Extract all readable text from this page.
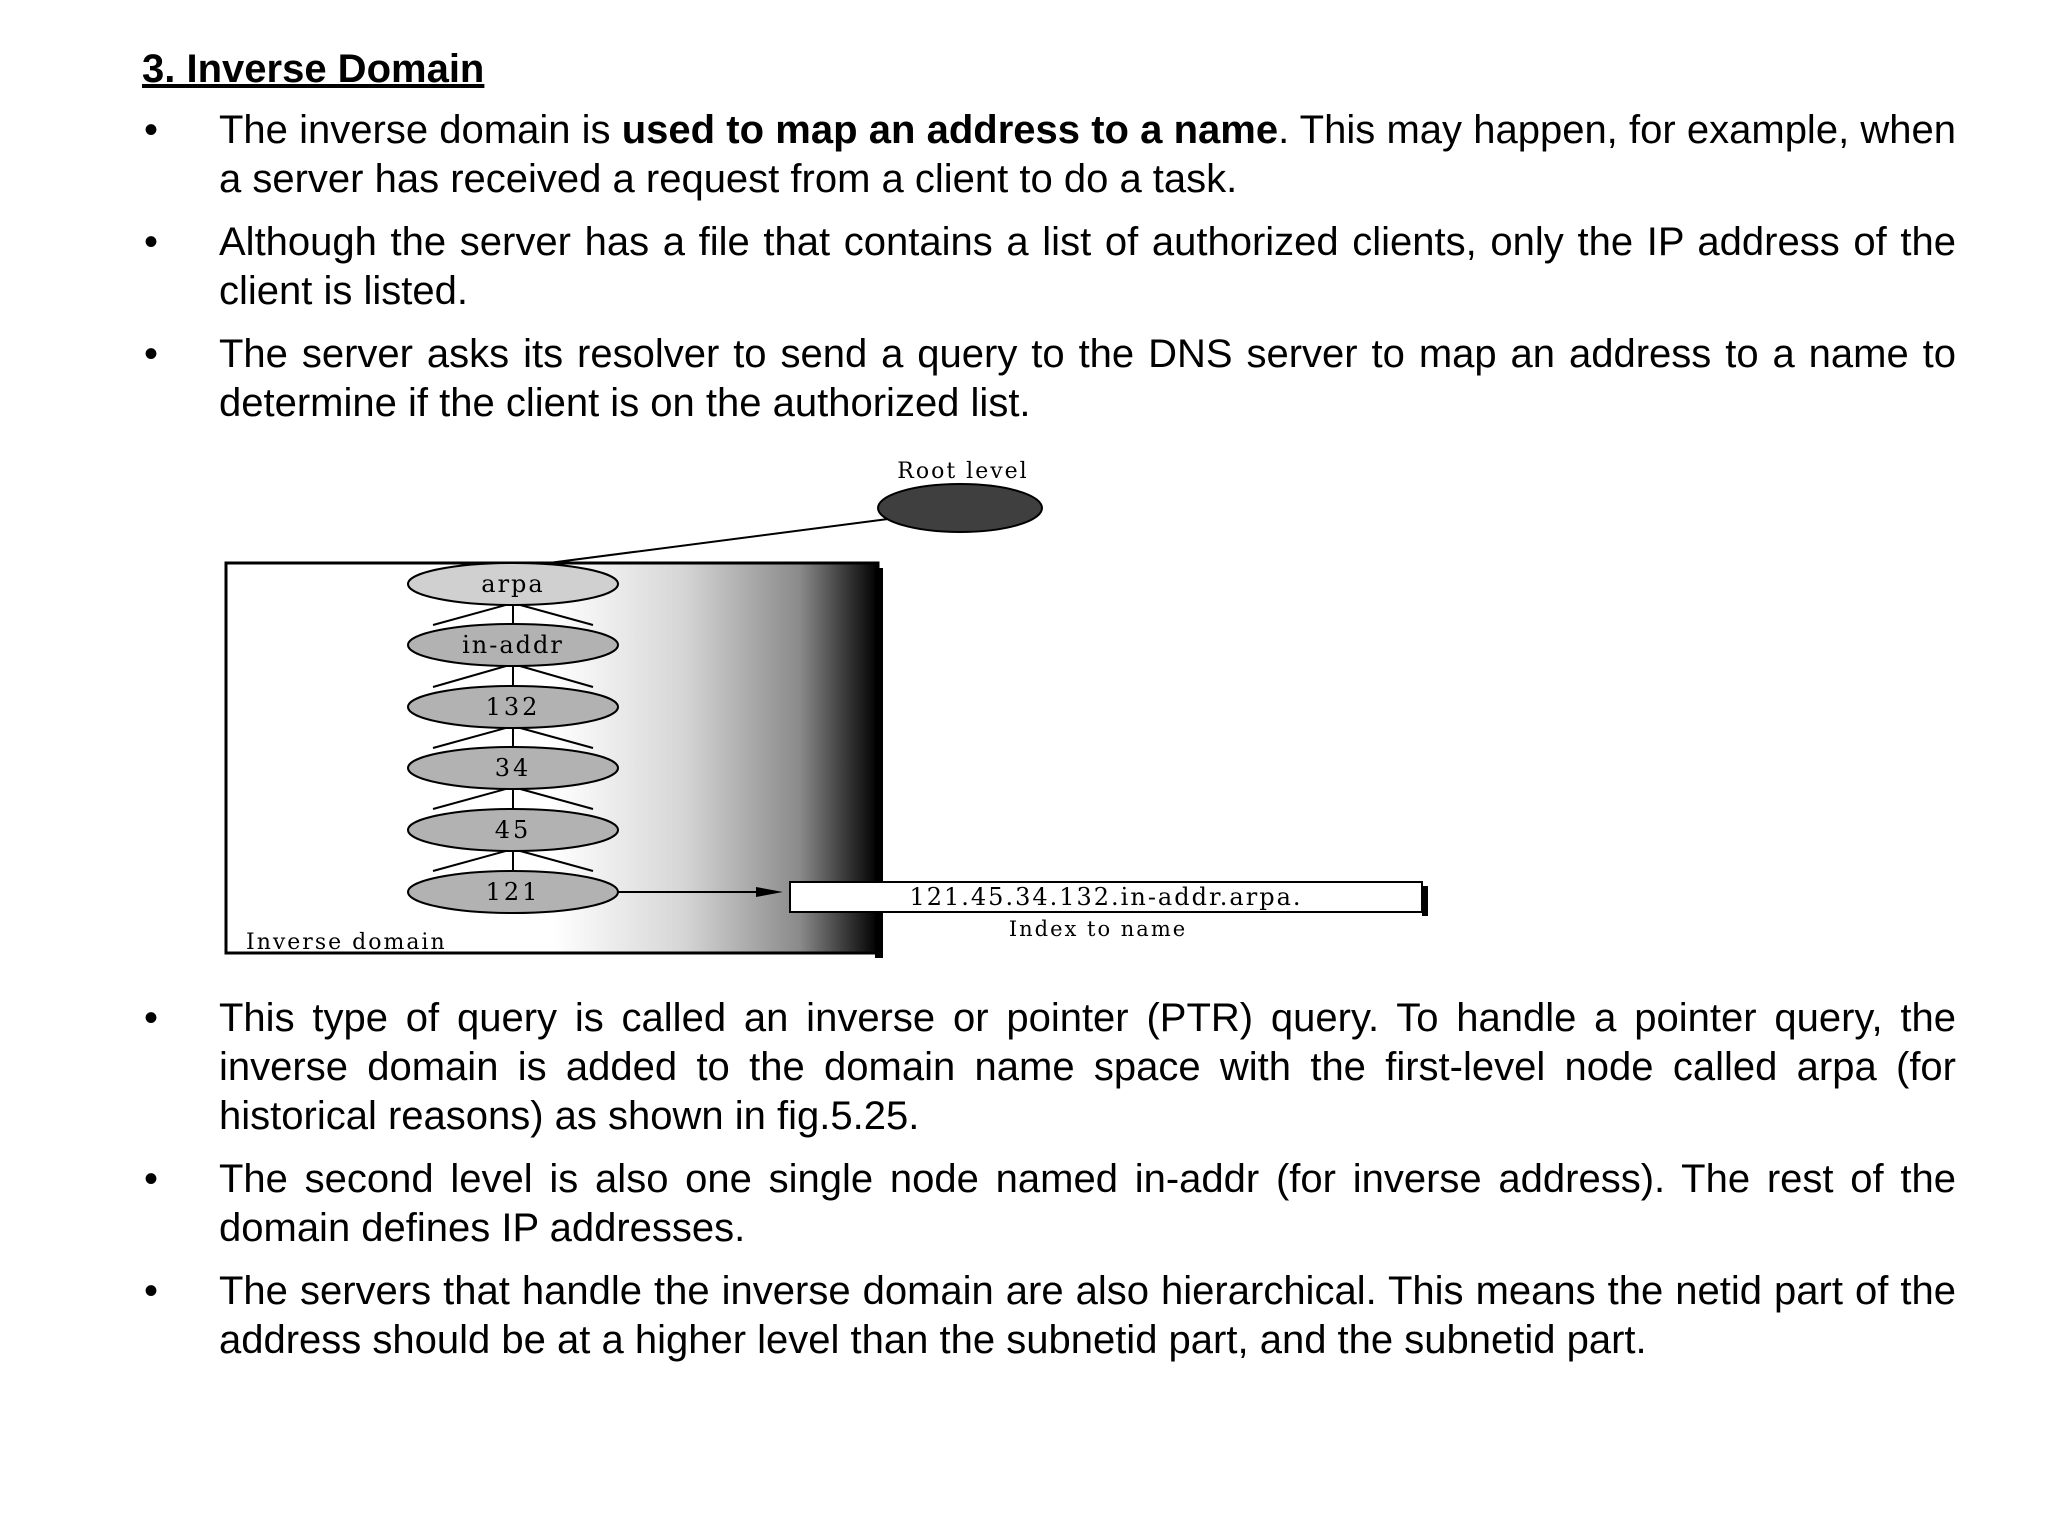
3. Inverse Domain
• The inverse domain is used to map an address to a name. This may happen, for example, when a server has received a request from a client to do a task.
• Although the server has a file that contains a list of authorized clients, only the IP address of the client is listed.
• The server asks its resolver to send a query to the DNS server to map an address to a name to determine if the client is on the authorized list.
Root level
arpa
in-addr
132
34
45
121	121.45.34.132.in-addr.arpa.
Index to name
Inverse domain
• This type of query is called an inverse or pointer (PTR) query. To handle a pointer query, the inverse domain is added to the domain name space with the first-level node called arpa (for historical reasons) as shown in fig.5.25.
• The second level is also one single node named in-addr (for inverse address). The rest of the domain defines IP addresses.
• The servers that handle the inverse domain are also hierarchical. This means the netid part of the address should be at a higher level than the subnetid part, and the subnetid part.
